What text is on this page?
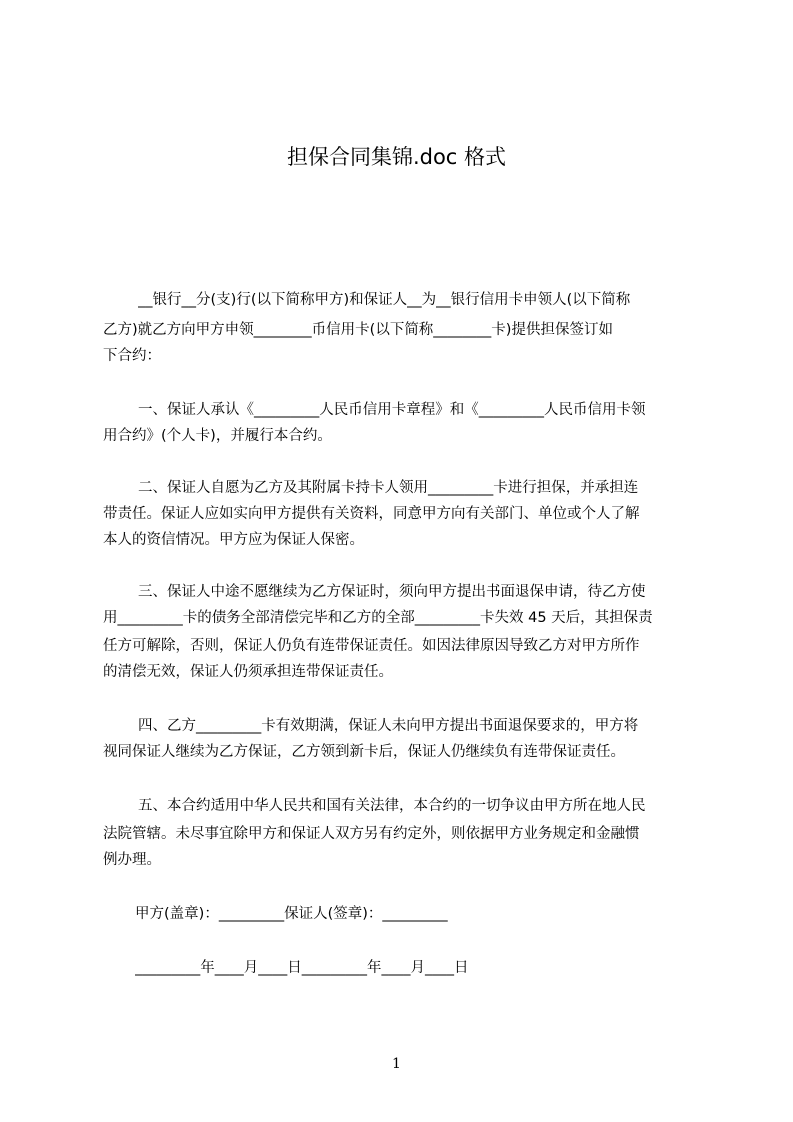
担保合同集锦.doc 格式
__银行__分(支)行(以下简称甲方)和保证人__为__银行信用卡申领人(以下简称
乙方)就乙方向甲方申领________币信用卡(以下简称________卡)提供担保签订如
下合约：
一、保证人承认《_________人民币信用卡章程》和《_________人民币信用卡领
用合约》(个人卡)，并履行本合约。
二、保证人自愿为乙方及其附属卡持卡人领用_________卡进行担保，并承担连
带责任。保证人应如实向甲方提供有关资料，同意甲方向有关部门、单位或个人了解
本人的资信情况。甲方应为保证人保密。
三、保证人中途不愿继续为乙方保证时，须向甲方提出书面退保申请，待乙方使
用_________卡的债务全部清偿完毕和乙方的全部_________卡失效 45 天后，其担保责
任方可解除，否则，保证人仍负有连带保证责任。如因法律原因导致乙方对甲方所作
的清偿无效，保证人仍须承担连带保证责任。
四、乙方_________卡有效期满，保证人未向甲方提出书面退保要求的，甲方将
视同保证人继续为乙方保证，乙方领到新卡后，保证人仍继续负有连带保证责任。
五、本合约适用中华人民共和国有关法律，本合约的一切争议由甲方所在地人民
法院管辖。未尽事宜除甲方和保证人双方另有约定外，则依据甲方业务规定和金融惯
例办理。
甲方(盖章)：_________保证人(签章)：_________
_________年____月____日_________年____月____日
1
